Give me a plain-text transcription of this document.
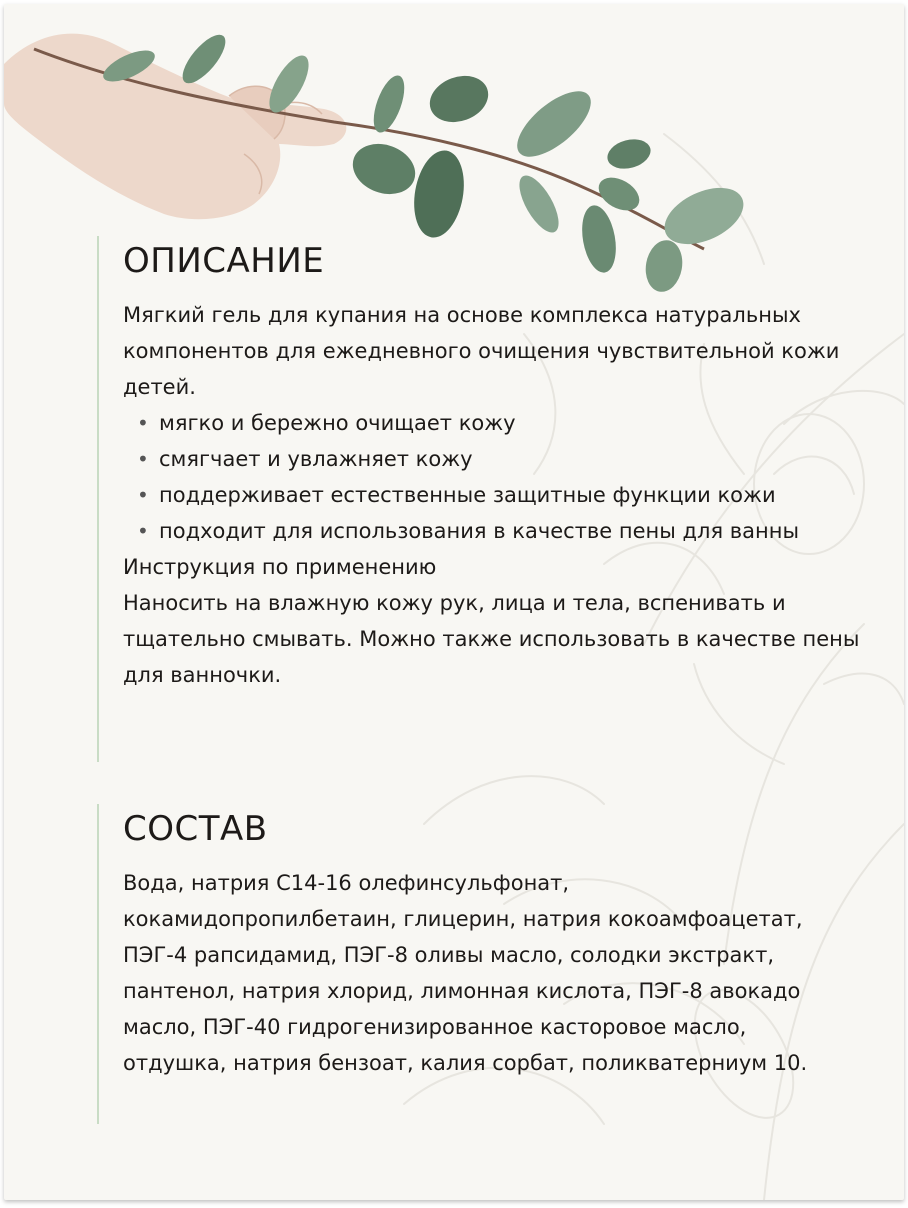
ОПИСАНИЕ

Мягкий гель для купания на основе комплекса натуральных компонентов для ежедневного очищения чувствительной кожи детей.

• мягко и бережно очищает кожу
• смягчает и увлажняет кожу
• поддерживает естественные защитные функции кожи
• подходит для использования в качестве пены для ванны

Инструкция по применению

Наносить на влажную кожу рук, лица и тела, вспенивать и тщательно смывать. Можно также использовать в качестве пены для ванночки.

СОСТАВ

Вода, натрия С14-16 олефинсульфонат, кокамидопропилбетаин, глицерин, натрия кокоамфоацетат, ПЭГ-4 рапсидамид, ПЭГ-8 оливы масло, солодки экстракт, пантенол, натрия хлорид, лимонная кислота, ПЭГ-8 авокадо масло, ПЭГ-40 гидрогенизированное касторовое масло, отдушка, натрия бензоат, калия сорбат, поликватерниум 10.
